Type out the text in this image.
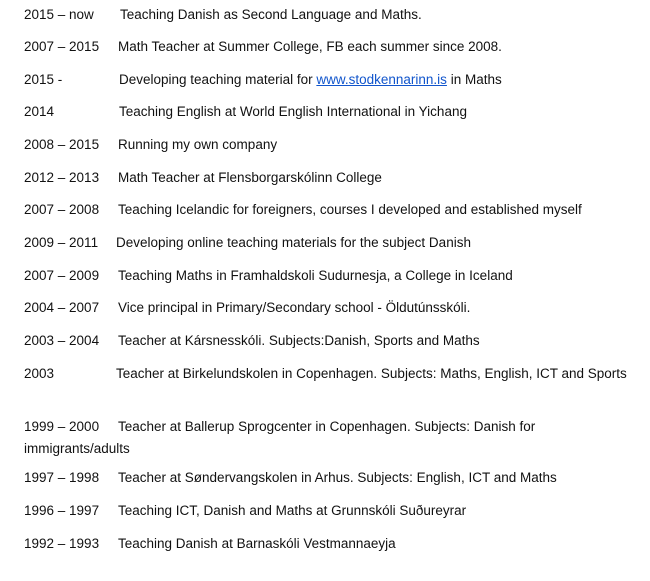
2015 – now Teaching Danish as Second Language and Maths.
2007 – 2015 Math Teacher at Summer College, FB each summer since 2008.
2015 -	Developing teaching material for www.stodkennarinn.is in Maths
2014	Teaching English at World English International in Yichang
2008 – 2015 Running my own company
2012 – 2013 Math Teacher at Flensborgarskólinn College
2007 – 2008 Teaching Icelandic for foreigners, courses I developed and established myself
2009 – 2011 Developing online teaching materials for the subject Danish
2007 – 2009 Teaching Maths in Framhaldskoli Sudurnesja, a College in Iceland
2004 – 2007 Vice principal in Primary/Secondary school - Öldutúnsskóli.
2003 – 2004 Teacher at Kársnesskóli. Subjects:Danish, Sports and Maths
2003	Teacher at Birkelundskolen in Copenhagen. Subjects: Maths, English, ICT and Sports
1999 – 2000 Teacher at Ballerup Sprogcenter in Copenhagen. Subjects: Danish for immigrants/adults
1997 – 1998 Teacher at Søndervangskolen in Arhus. Subjects: English, ICT and Maths
1996 – 1997 Teaching ICT, Danish and Maths at Grunnskóli Suðureyrar
1992 – 1993 Teaching Danish at Barnaskóli Vestmannaeyja
